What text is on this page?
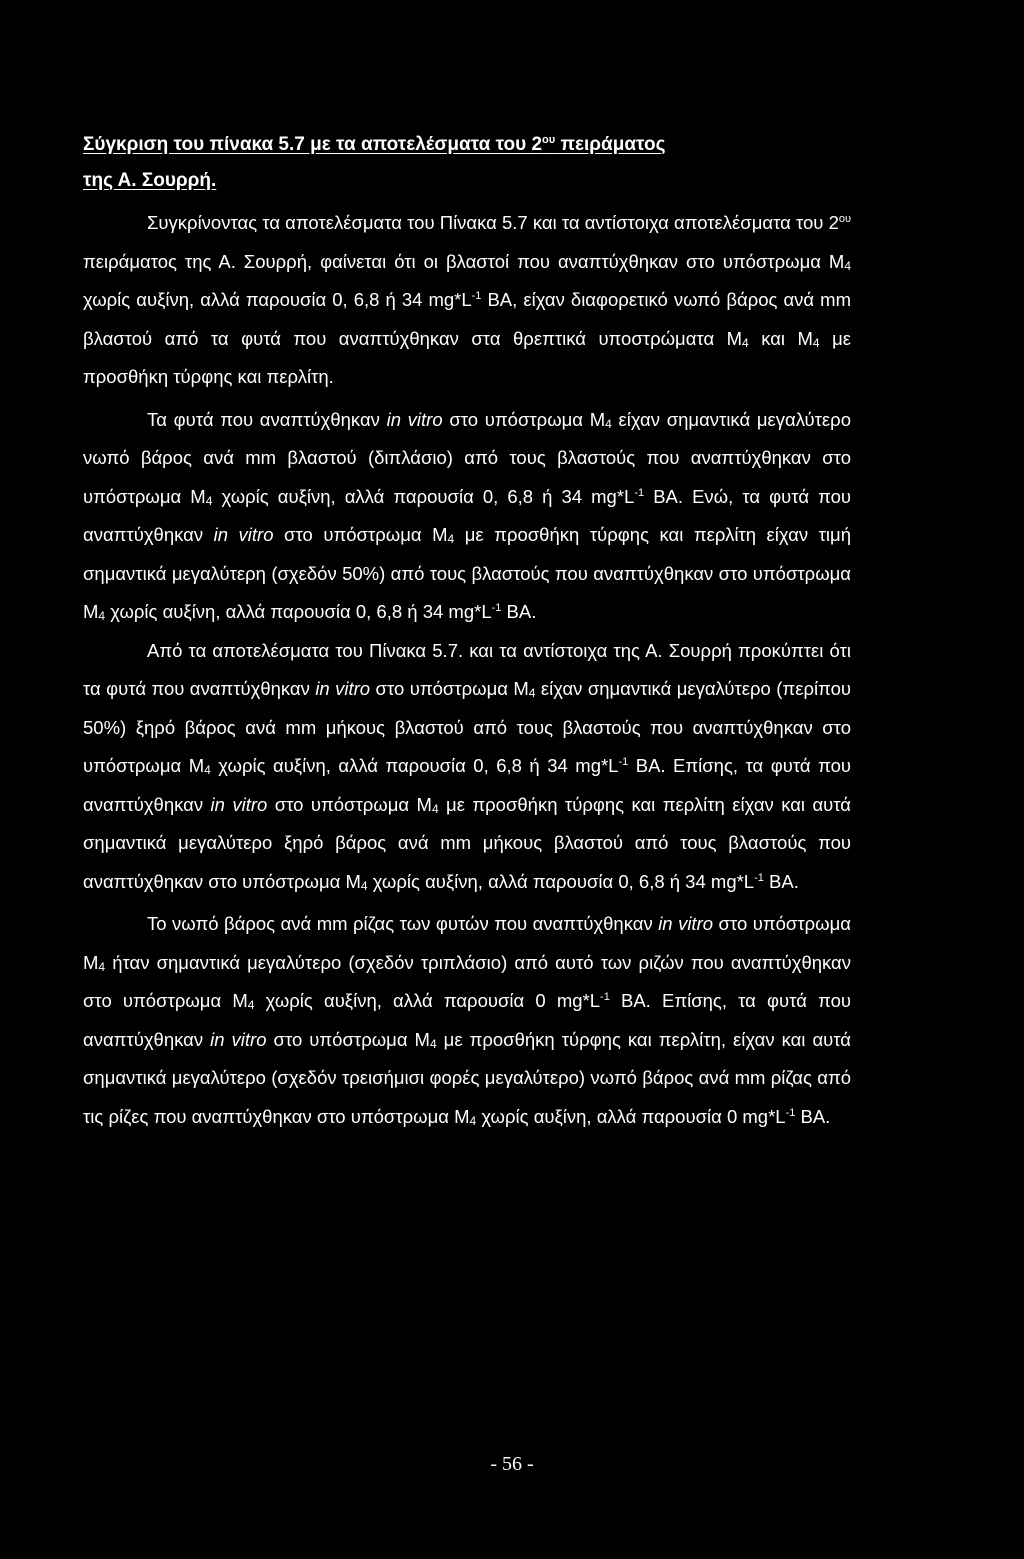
Σύγκριση του πίνακα 5.7 με τα αποτελέσματα του $2^{o\upsilon}$ πειράματος
της Α. Σουρρή.

Συγκρίνοντας τα αποτελέσματα του Πίνακα 5.7 και τα αντίστοιχα αποτελέσματα του $2^{o\upsilon}$ πειράματος της Α. Σουρρή, φαίνεται ότι οι βλαστοί που αναπτύχθηκαν στο υπόστρωμα $M_4$ χωρίς αυξίνη, αλλά παρουσία 0, 6,8 ή 34 $mg*L^{-1}$ ΒΑ, είχαν διαφορετικό νωπό βάρος ανά mm βλαστού από τα φυτά που αναπτύχθηκαν στα θρεπτικά υποστρώματα $M_4$ και $M_4$ με προσθήκη τύρφης και περλίτη.

Τα φυτά που αναπτύχθηκαν in vitro στο υπόστρωμα $M_4$ είχαν σημαντικά μεγαλύτερο νωπό βάρος ανά mm βλαστού (διπλάσιο) από τους βλαστούς που αναπτύχθηκαν στο υπόστρωμα $M_4$ χωρίς αυξίνη, αλλά παρουσία 0, 6,8 ή 34 $mg*L^{-1}$ ΒΑ. Ενώ, τα φυτά που αναπτύχθηκαν in vitro στο υπόστρωμα $M_4$ με προσθήκη τύρφης και περλίτη είχαν τιμή σημαντικά μεγαλύτερη (σχεδόν 50%) από τους βλαστούς που αναπτύχθηκαν στο υπόστρωμα $M_4$ χωρίς αυξίνη, αλλά παρουσία 0, 6,8 ή 34 $mg*L^{-1}$ ΒΑ.

Από τα αποτελέσματα του Πίνακα 5.7. και τα αντίστοιχα της Α. Σουρρή προκύπτει ότι τα φυτά που αναπτύχθηκαν in vitro στο υπόστρωμα $M_4$ είχαν σημαντικά μεγαλύτερο (περίπου 50%) ξηρό βάρος ανά mm μήκους βλαστού από τους βλαστούς που αναπτύχθηκαν στο υπόστρωμα $M_4$ χωρίς αυξίνη, αλλά παρουσία 0, 6,8 ή 34 $mg*L^{-1}$ ΒΑ. Επίσης, τα φυτά που αναπτύχθηκαν in vitro στο υπόστρωμα $M_4$ με προσθήκη τύρφης και περλίτη είχαν και αυτά σημαντικά μεγαλύτερο ξηρό βάρος ανά mm μήκους βλαστού από τους βλαστούς που αναπτύχθηκαν στο υπόστρωμα $M_4$ χωρίς αυξίνη, αλλά παρουσία 0, 6,8 ή 34 $mg*L^{-1}$ ΒΑ.

Το νωπό βάρος ανά mm ρίζας των φυτών που αναπτύχθηκαν in vitro στο υπόστρωμα $M_4$ ήταν σημαντικά μεγαλύτερο (σχεδόν τριπλάσιο) από αυτό των ριζών που αναπτύχθηκαν στο υπόστρωμα $M_4$ χωρίς αυξίνη, αλλά παρουσία 0 $mg*L^{-1}$ ΒΑ. Επίσης, τα φυτά που αναπτύχθηκαν in vitro στο υπόστρωμα $M_4$ με προσθήκη τύρφης και περλίτη, είχαν και αυτά σημαντικά μεγαλύτερο (σχεδόν τρεισήμισι φορές μεγαλύτερο) νωπό βάρος ανά mm ρίζας από τις ρίζες που αναπτύχθηκαν στο υπόστρωμα $M_4$ χωρίς αυξίνη, αλλά παρουσία 0 $mg*L^{-1}$ ΒΑ.

- 56 -
